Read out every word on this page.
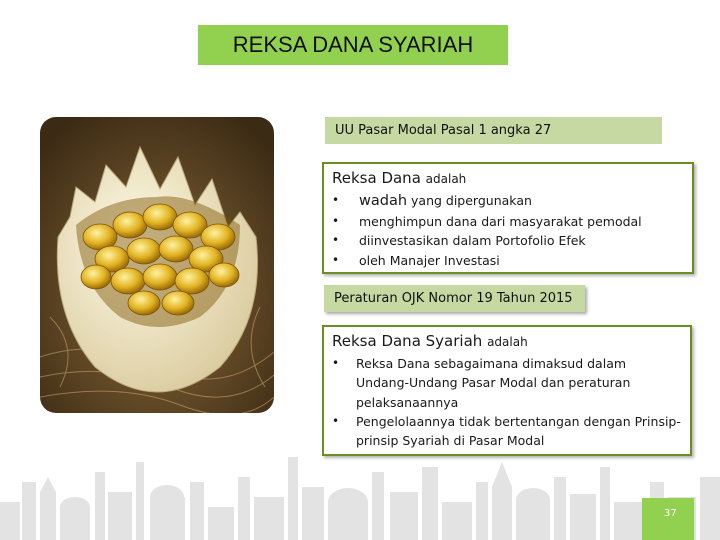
REKSA DANA SYARIAH
UU Pasar Modal Pasal 1 angka 27
Reksa Dana adalah
• wadah yang dipergunakan
• menghimpun dana dari masyarakat pemodal
• diinvestasikan dalam Portofolio Efek
• oleh Manajer Investasi
Peraturan OJK Nomor 19 Tahun 2015
Reksa Dana Syariah adalah
• Reksa Dana sebagaimana dimaksud dalam Undang-Undang Pasar Modal dan peraturan pelaksanaannya
• Pengelolaannya tidak bertentangan dengan Prinsip-prinsip Syariah di Pasar Modal
37
